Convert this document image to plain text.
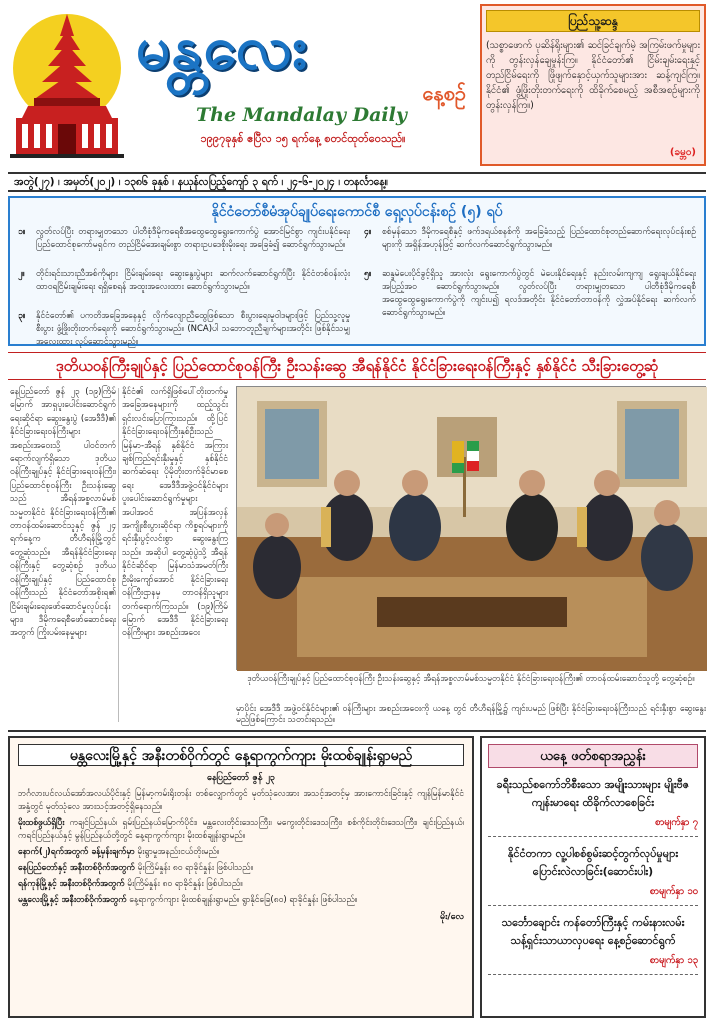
မန္တလေး
နေ့စဉ်
The Mandalay Daily
၁၉၉၇ခုနှစ် ဧပြီလ ၁၅ ရက်နေ့ စတင်ထုတ်ဝေသည်။
ပြည်သူ့ဆန္ဒ
(သစ္စာဖောက် ပုဆိန်ရိုးများ၏ ဆင်ခြင်ချက်မဲ့ အကြမ်းဖက်မှုများကို တွန်းလှန်ချေမှုန်းကြ။ နိုင်ငံတော်၏ ငြိမ်းချမ်းရေးနှင့် တည်ငြိမ်ရေးကို ဖြိုဖျက်နှောင့်ယှက်သူများအား ဆန့်ကျင်ကြ။ နိုင်ငံ၏ ဖွံ့ဖြိုးတိုးတက်ရေးကို ထိခိုက်စေမည့် အစီအစဉ်များကို တွန်းလှန်ကြ။)
(ခမ္ဘဝ)
အတွဲ(၂၇) ၊ အမှတ်(၂၀၂) ၊ ၁၃၈၆ ခုနှစ် ၊ နယုန်လပြည့်ကျော် ၃ ရက် ၊ ၂၄-၆-၂၀၂၄ ၊ တနင်္လာနေ့။
နိုင်ငံတော်စီမံအုပ်ချုပ်ရေးကောင်စီ ရှေ့လုပ်ငန်းစဉ် (၅) ရပ်
၁။	လွတ်လပ်ပြီး တရားမျှတသော ပါတီစုံဒီမိုကရေစီအထွေထွေရွေးကောက်ပွဲ အောင်မြင်စွာ ကျင်းပနိုင်ရေး ပြည်ထောင်စုကော်မရှင်က တည်ငြိမ်အေးချမ်းစွာ တရားဥပဒေစိုးမိုးရေး အခြေခံ၍ ဆောင်ရွက်သွားမည်။
၂။	တိုင်းရင်းသားညီအစ်ကိုများ ငြိမ်းချမ်းရေး ဆွေးနွေးပွဲများ ဆက်လက်ဆောင်ရွက်ပြီး နိုင်ငံတစ်ဝန်းလုံး ထာဝရငြိမ်းချမ်းရေး ရရှိစေရန် အထူးအလေးထား ဆောင်ရွက်သွားမည်။
၃။	နိုင်ငံတော်၏ ပကတိအခြေအနေနှင့် လိုက်လျောညီထွေဖြစ်သော စီးပွားရေးမူဝါဒများဖြင့် ပြည်သူ့လူမှုစီးပွား ဖွံ့ဖြိုးတိုးတက်ရေးကို ဆောင်ရွက်သွားမည်။ (NCA)ပါ သဘောတူညီချက်များအတိုင်း ဖြစ်နိုင်သမျှ အလေးထား လုပ်ဆောင်သွားမည်။
၄။	စစ်မှန်သော ဒီမိုကရေစီနှင့် ဖက်ဒရယ်စနစ်ကို အခြေခံသည့် ပြည်ထောင်စုတည်ဆောက်ရေးလုပ်ငန်းစဉ်များကို အရှိန်အဟုန်ဖြင့် ဆက်လက်ဆောင်ရွက်သွားမည်။
၅။	ဆန္ဒမဲပေးပိုင်ခွင့်ရှိသူ အားလုံး ရွေးကောက်ပွဲတွင် မဲပေးနိုင်ရေးနှင့် နည်းလမ်းကျကျ ရွေးချယ်နိုင်ရေး အပြည့်အဝ ဆောင်ရွက်သွားမည်။ လွတ်လပ်ပြီး တရားမျှတသော ပါတီစုံဒီမိုကရေစီ အထွေထွေရွေးကောက်ပွဲကို ကျင်းပ၍ ရလဒ်အတိုင်း နိုင်ငံတော်တာဝန်ကို လွှဲအပ်နိုင်ရေး ဆက်လက်ဆောင်ရွက်သွားမည်။
ဒုတိယဝန်ကြီးချုပ်နှင့် ပြည်ထောင်စုဝန်ကြီး ဦးသန်းဆွေ အီရန်နိုင်ငံ နိုင်ငံခြားရေးဝန်ကြီးနှင့် နှစ်နိုင်ငံ သီးခြားတွေ့ဆုံ
နေပြည်တော် ဇွန် ၂၃ (၁၉)ကြိမ်မြောက် အာရှပူးပေါင်းဆောင်ရွက်ရေးဆိုင်ရာ ဆွေးနွေးပွဲ (အေဒီဒီ)၏ နိုင်ငံခြားရေးဝန်ကြီးများ အစည်းအဝေးသို့ ပါဝင်တက်ရောက်လျက်ရှိသော ဒုတိယဝန်ကြီးချုပ်နှင့် နိုင်ငံခြားရေးဝန်ကြီး၊ ပြည်ထောင်စုဝန်ကြီး ဦးသန်းဆွေသည် အီရန်အစ္စလာမ်မစ်သမ္မတနိုင်ငံ နိုင်ငံခြားရေးဝန်ကြီး၏ တာဝန်ထမ်းဆောင်သူနှင့် ဇွန် ၂၄ ရက်နေ့က တီဟီရန်မြို့တွင် တွေ့ဆုံသည်။ အီရန်နိုင်ငံခြားရေးဝန်ကြီးနှင့် တွေ့ဆုံစဉ် ဒုတိယဝန်ကြီးချုပ်နှင့် ပြည်ထောင်စုဝန်ကြီးသည် နိုင်ငံတော်အစိုးရ၏ ငြိမ်းချမ်းရေးဖော်ဆောင်မှုလုပ်ငန်းများ၊ ဒီမိုကရေစီဖော်ဆောင်ရေးအတွက် ကြိုးပမ်းနေမှုများ
နိုင်ငံ၏ လက်ရှိဖြစ်ပေါ်တိုးတက်မှုအခြေအနေများကို ထည့်သွင်း ရှင်းလင်းပြောကြားသည်။ ထို့ပြင် နိုင်ငံခြားရေးဝန်ကြီးနှစ်ဦးသည် မြန်မာ-အီရန် နှစ်နိုင်ငံ အကြား ချစ်ကြည်ရင်းနှီးမှုနှင့် နှစ်နိုင်ငံဆက်ဆံရေး ပိုမိုတိုးတက်ခိုင်မာစေရေး အေဒီဒီအဖွဲ့ဝင်နိုင်ငံများ ပူးပေါင်းဆောင်ရွက်မှုများ အပါအဝင် အပြန်အလှန်အကျိုးစီးပွားဆိုင်ရာ ကိစ္စရပ်များကို ရင်းနှီးပွင့်လင်းစွာ ဆွေးနွေးကြသည်။ အဆိုပါ တွေ့ဆုံပွဲသို့ အီရန်နိုင်ငံဆိုင်ရာ မြန်မာသံအမတ်ကြီး ဦးမိုးကျော်အောင် နိုင်ငံခြားရေးဝန်ကြီးဌာနမှ တာဝန်ရှိသူများ တက်ရောက်ကြသည်။ (၁၉)ကြိမ်မြောက် အေဒီဒီ နိုင်ငံခြားရေးဝန်ကြီးများ အစည်းအဝေး
ဒုတိယဝန်ကြီးချုပ်နှင့် ပြည်ထောင်စုဝန်ကြီး ဦးသန်းဆွေနှင့် အီရန်အစ္စလာမ်မစ်သမ္မတနိုင်ငံ နိုင်ငံခြားရေးဝန်ကြီး၏ တာဝန်ထမ်းဆောင်သူတို့ တွေ့ဆုံစဉ်။
မှာပိုင်း အေဒီဒီ အဖွဲ့ဝင်နိုင်ငံများ၏ ဝန်ကြီးများ အစည်းအဝေးကို ယနေ့ တွင် တီဟီရန်မြို့၌ ကျင်းပမည် ဖြစ်ပြီး နိုင်ငံခြားရေးဝန်ကြီးသည် ရင်းနှီးစွာ ဆွေးနွေးမည်ဖြစ်ကြောင်း သတင်းရသည်။
မန္တလေးမြို့နှင့် အနီးတစ်ဝိုက်တွင် နေ့ရာကွက်ကျား မိုးထစ်ချုန်းရွာမည်
နေပြည်တော် ဇွန် ၂၃
ဘင်္ဂလားပင်လယ်အော်အလယ်ပိုင်းနှင့် မြန်မာ့ကမ်းရိုးတန်း တစ်လျှောက်တွင် မုတ်သုံလေအား အသင့်အတင့်မှ အားကောင်းခြင်းနှင့် ကျန်မြန်မာနိုင်ငံ အနှံ့တွင် မုတ်သုံလေ အားသင့်အတင့်ရှိနေသည်။
မိုးထစ်ဖွယ်ရှိပြီး ကချင်ပြည်နယ်၊ ရှမ်းပြည်နယ်မြောက်ပိုင်း၊ မန္တလေးတိုင်းဒေသကြီး၊ မကွေးတိုင်းဒေသကြီး၊ စစ်ကိုင်းတိုင်းဒေသကြီး၊ ချင်းပြည်နယ်၊ ကရင်ပြည်နယ်နှင့် မွန်ပြည်နယ်တို့တွင် နေ့ရာကွက်ကျား မိုးထစ်ချုန်းရွာမည်။
နောက်(၂)ရက်အတွက် ခန့်မှန်းချက်မှာ မိုးရွာမှုအနည်းငယ်တိုးမည်။
နေပြည်တော်နှင့် အနီးတစ်ဝိုက်အတွက် မိုးကြိမ်နှုန်း ၈၀ ရာခိုင်နှုန်း ဖြစ်ပါသည်။
ရန်ကုန်မြို့နှင့် အနီးတစ်ဝိုက်အတွက် မိုးကြိမ်နှုန်း ၈၀ ရာခိုင်နှုန်း ဖြစ်ပါသည်။
မန္တလေးမြို့နှင့် အနီးတစ်ဝိုက်အတွက် နေ့ရာကွက်ကျား မိုးထစ်ချုန်းရွာမည်။ ရွာနိုင်ခြေ(၈၀) ရာခိုင်နှုန်း ဖြစ်ပါသည်။
မိုး/လေ
ယနေ့ ဖတ်စရာအညွှန်း
ခရီးသည်စကော်ဘိစီးသော အမျိုးသားများ မျိုးဗီဇကျန်းမာရေး ထိခိုက်လာစေခြင်း
စာမျက်နှာ ၇
နိုင်ငံတကာ လူ့ပါစစ်စွမ်းဆင့်တွက်လုပ်မှုများ ပြောင်းလဲလာခြင်း(ဆောင်းပါး)
စာမျက်နှာ ၁၀
သင်္ဘောချောင်း ကန်တော်ကြီးနှင့် ကမ်းနားလမ်း သန့်ရှင်းသာယာလှပရေး နေ့စဉ်ဆောင်ရွက်
စာမျက်နှာ ၁၃
